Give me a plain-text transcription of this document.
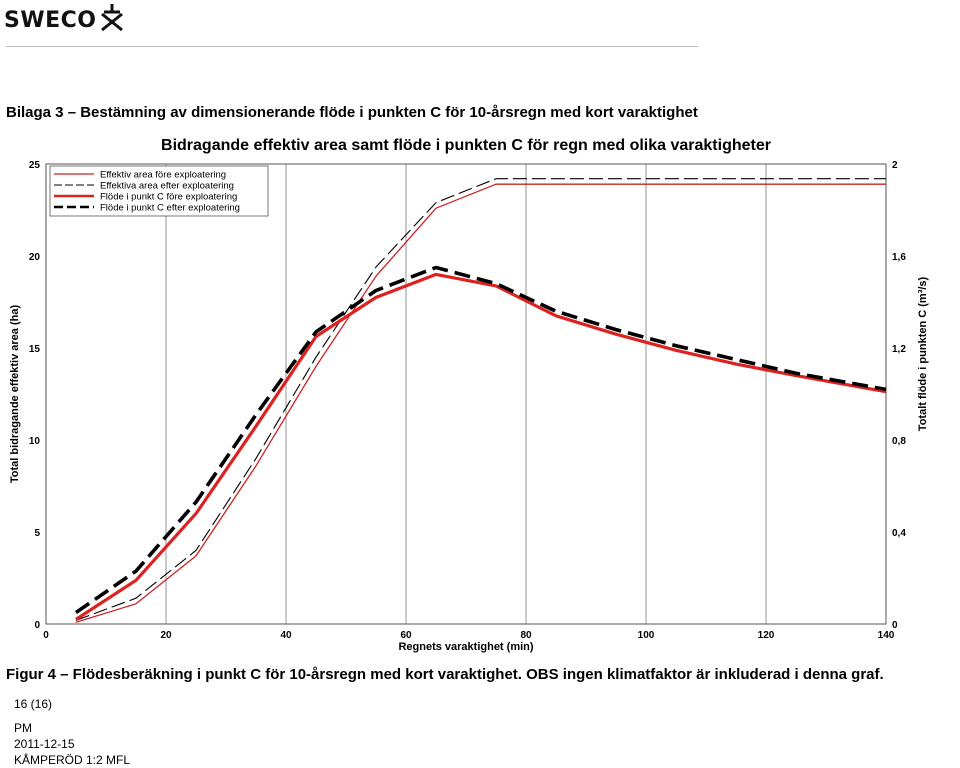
SWECO
Bilaga 3 – Bestämning av dimensionerande flöde i punkten C för 10-årsregn med kort varaktighet
Bidragande effektiv area samt flöde i punkten C för regn med olika varaktigheter
0	20	40	60	80	100	120	140
0
5
10
15
20
25
0
0,4
0,8
1,2
1,6
2
Regnets varaktighet (min)
Total bidragande effektiv area (ha)	Totalt flöde i punkten C (m³/s)
Effektiv area före exploatering
Effektiva area efter exploatering
Flöde i punkt C före exploatering
Flöde i punkt C efter exploatering
Figur 4 – Flödesberäkning i punkt C för 10-årsregn med kort varaktighet. OBS ingen klimatfaktor är inkluderad i denna graf.
16 (16)
PM
2011-12-15
KÅMPERÖD 1:2 MFL
